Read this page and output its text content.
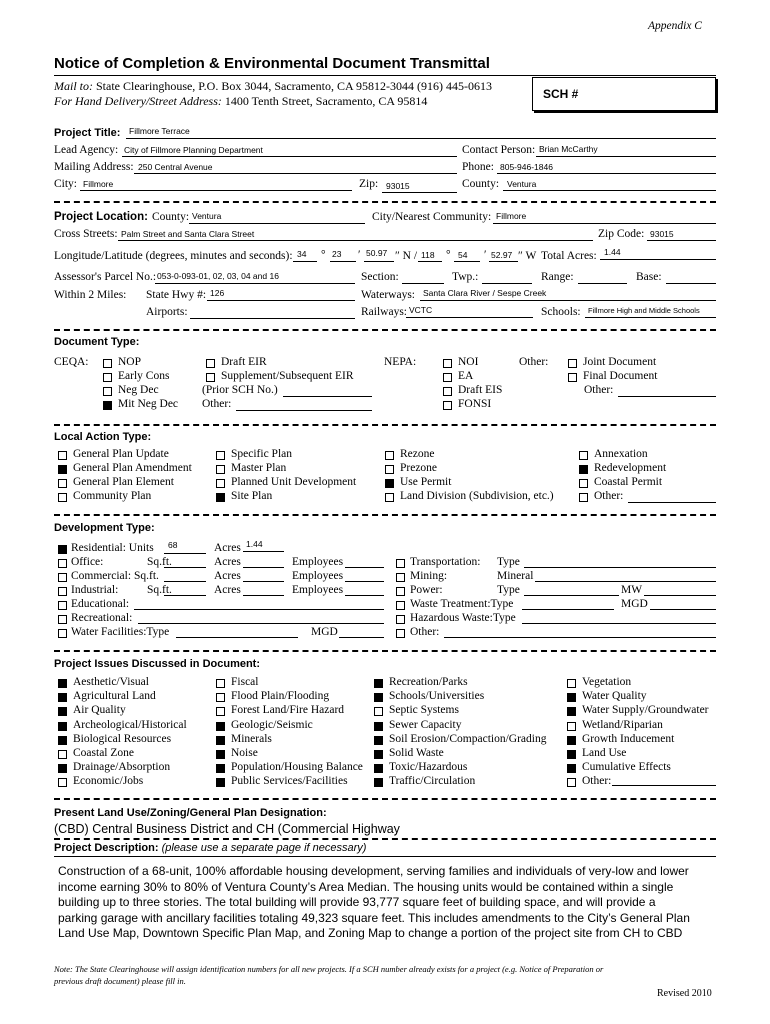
Appendix C
Notice of Completion & Environmental Document Transmittal
Mail to: State Clearinghouse, P.O. Box 3044, Sacramento, CA 95812-3044 (916) 445-0613
For Hand Delivery/Street Address: 1400 Tenth Street, Sacramento, CA 95814	SCH #
Project Title: Fillmore Terrace
Lead Agency: City of Fillmore Planning Department	Contact Person: Brian McCarthy
Mailing Address: 250 Central Avenue	Phone: 805-946-1846
City: Fillmore	Zip: 93015	County: Ventura
Project Location: County: Ventura	City/Nearest Community: Fillmore
Cross Streets: Palm Street and Santa Clara Street	Zip Code: 93015
Longitude/Latitude (degrees, minutes and seconds): 34 ° 23 ′ 50.97 ″ N / 118 ° 54 ′ 52.97 ″ W Total Acres: 1.44
Assessor's Parcel No.: 053-0-093-01, 02, 03, 04 and 16	Section:	Twp.:	Range:	Base:
Within 2 Miles: State Hwy #: 126	Waterways: Santa Clara River / Sespe Creek
Airports:	Railways: VCTC	Schools: Fillmore High and Middle Schools
Document Type:
CEQA:	NOP
Early Cons
Neg Dec
Mit Neg Dec
Draft EIR
Supplement/Subsequent EIR
(Prior SCH No.)
Other:
NEPA:	NOI
EA
Draft EIS
FONSI
Other:	Joint Document
Final Document
Other:
Local Action Type:
General Plan Update
General Plan Amendment
General Plan Element
Community Plan
Specific Plan
Master Plan
Planned Unit Development
Site Plan
Rezone
Prezone
Use Permit
Land Division (Subdivision, etc.)
Annexation
Redevelopment
Coastal Permit
Other:
Development Type:
Residential: Units 68	Acres 1.44
Office:	Sq.ft.	Acres	Employees
Commercial: Sq.ft.	Acres	Employees
Industrial: Sq.ft.	Acres	Employees
Educational:
Recreational:
Water Facilities:Type	MGD
Transportation: Type
Mining:	Mineral
Power:	Type	MW
Waste Treatment:Type	MGD
Hazardous Waste:Type
Other:
Project Issues Discussed in Document:
Aesthetic/Visual
Agricultural Land
Air Quality
Archeological/Historical
Biological Resources
Coastal Zone
Drainage/Absorption
Economic/Jobs
Fiscal
Flood Plain/Flooding
Forest Land/Fire Hazard
Geologic/Seismic
Minerals
Noise
Population/Housing Balance
Public Services/Facilities
Recreation/Parks
Schools/Universities
Septic Systems
Sewer Capacity
Soil Erosion/Compaction/Grading
Solid Waste
Toxic/Hazardous
Traffic/Circulation
Vegetation
Water Quality
Water Supply/Groundwater
Wetland/Riparian
Growth Inducement
Land Use
Cumulative Effects
Other:
Present Land Use/Zoning/General Plan Designation:
(CBD) Central Business District and CH (Commercial Highway
Project Description: (please use a separate page if necessary)
Construction of a 68-unit, 100% affordable housing development, serving families and individuals of very-low and lower
income earning 30% to 80% of Ventura County’s Area Median. The housing units would be contained within a single
building up to three stories. The total building will provide 93,777 square feet of building space, and will provide a
parking garage with ancillary facilities totaling 49,323 square feet. This includes amendments to the City’s General Plan
Land Use Map, Downtown Specific Plan Map, and Zoning Map to change a portion of the project site from CH to CBD
Note: The State Clearinghouse will assign identification numbers for all new projects. If a SCH number already exists for a project (e.g. Notice of Preparation or
previous draft document) please fill in.
Revised 2010
